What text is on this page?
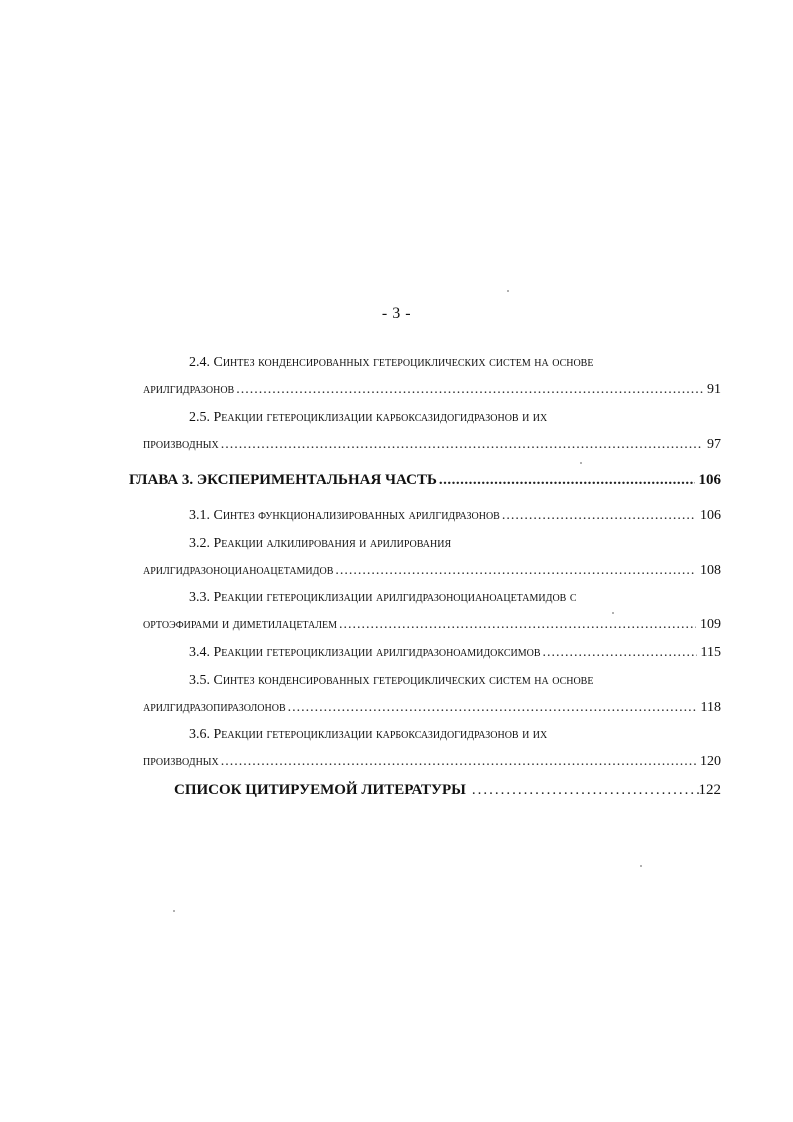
- 3 -
2.4. Синтез конденсированных гетероциклических систем на основе
арилгидразонов .....	91
2.5. Реакции гетероциклизации карбоксазидогидразонов и их
производных .....	97
ГЛАВА 3. ЭКСПЕРИМЕНТАЛЬНАЯ ЧАСТЬ .....	106
3.1. Синтез функционализированных арилгидразонов .....	106
3.2. Реакции алкилирования и арилирования
арилгидразоноцианоацетамидов .....	108
3.3. Реакции гетероциклизации арилгидразоноцианоацетамидов с
ортоэфирами и диметилацеталем .....	109
3.4. Реакции гетероциклизации арилгидразоноамидоксимов .....	115
3.5. Синтез конденсированных гетероциклических систем на основе
арилгидразопиразолонов .....	118
3.6. Реакции гетероциклизации карбоксазидогидразонов и их
производных .....	120
СПИСОК ЦИТИРУЕМОЙ ЛИТЕРАТУРЫ .....	122
